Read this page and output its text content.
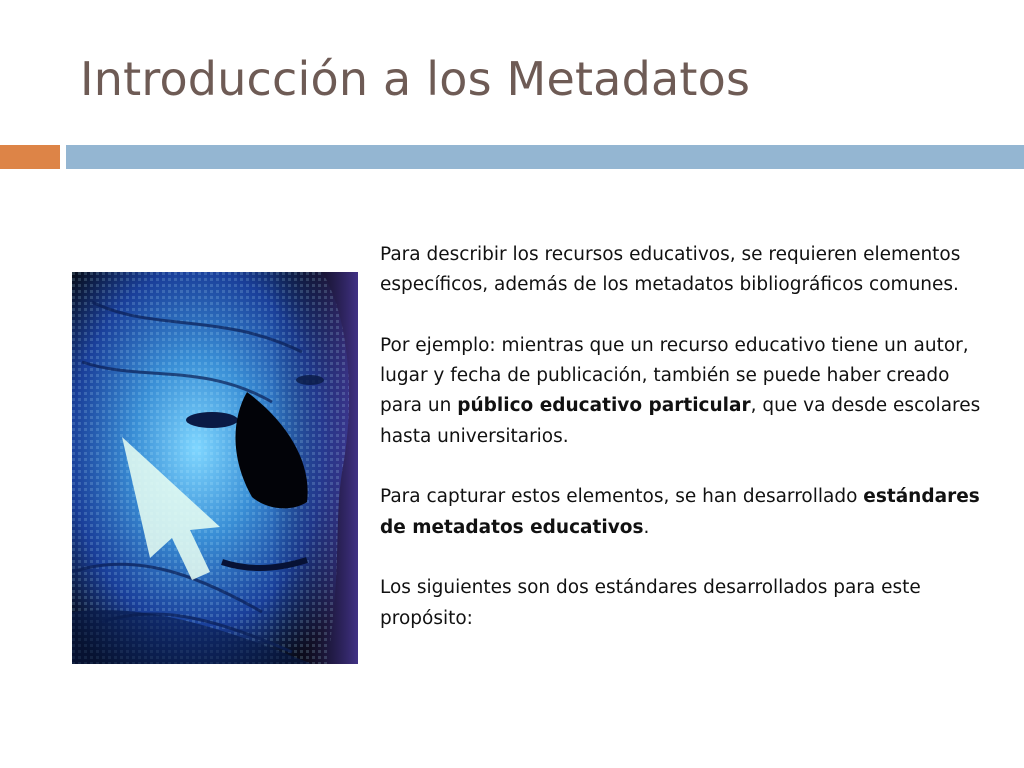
Introducción a los Metadatos

Para describir los recursos educativos, se requieren elementos específicos, además de los metadatos bibliográficos comunes.

Por ejemplo: mientras que un recurso educativo tiene un autor, lugar y fecha de publicación, también se puede haber creado para un público educativo particular, que va desde escolares hasta universitarios.

Para capturar estos elementos, se han desarrollado estándares de metadatos educativos.

Los siguientes son dos estándares desarrollados para este propósito:
